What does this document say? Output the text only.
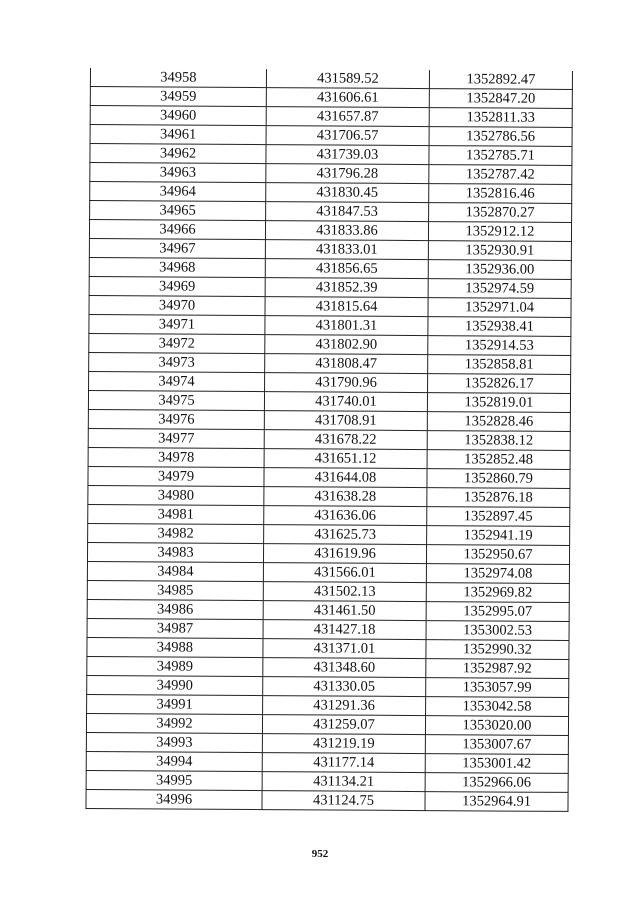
34958	431589.52	1352892.47
34959	431606.61	1352847.20
34960	431657.87	1352811.33
34961	431706.57	1352786.56
34962	431739.03	1352785.71
34963	431796.28	1352787.42
34964	431830.45	1352816.46
34965	431847.53	1352870.27
34966	431833.86	1352912.12
34967	431833.01	1352930.91
34968	431856.65	1352936.00
34969	431852.39	1352974.59
34970	431815.64	1352971.04
34971	431801.31	1352938.41
34972	431802.90	1352914.53
34973	431808.47	1352858.81
34974	431790.96	1352826.17
34975	431740.01	1352819.01
34976	431708.91	1352828.46
34977	431678.22	1352838.12
34978	431651.12	1352852.48
34979	431644.08	1352860.79
34980	431638.28	1352876.18
34981	431636.06	1352897.45
34982	431625.73	1352941.19
34983	431619.96	1352950.67
34984	431566.01	1352974.08
34985	431502.13	1352969.82
34986	431461.50	1352995.07
34987	431427.18	1353002.53
34988	431371.01	1352990.32
34989	431348.60	1352987.92
34990	431330.05	1353057.99
34991	431291.36	1353042.58
34992	431259.07	1353020.00
34993	431219.19	1353007.67
34994	431177.14	1353001.42
34995	431134.21	1352966.06
34996	431124.75	1352964.91
952
